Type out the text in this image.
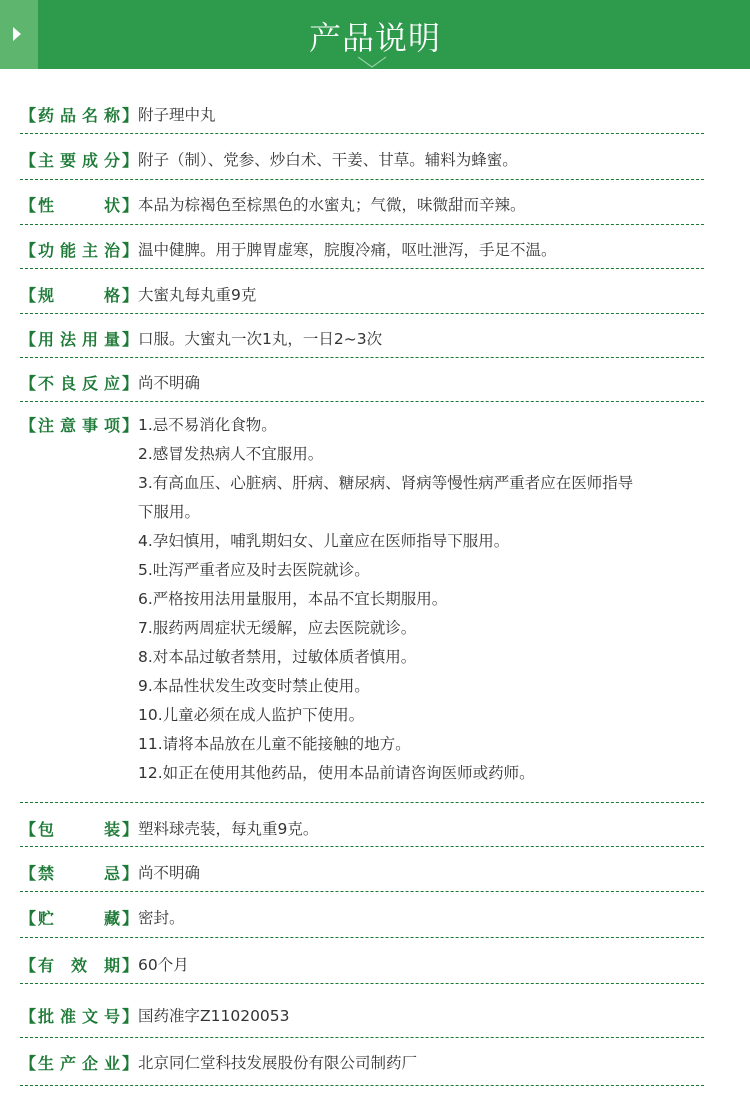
产品说明
【 药 品 名 称 】 附子理中丸
【 主 要 成 分 】 附子（制）、党参、炒白术、干姜、甘草。辅料为蜂蜜。
【 性	状 】 本品为棕褐色至棕黑色的水蜜丸；气微，味微甜而辛辣。
【 功 能 主 治 】 温中健脾。用于脾胃虚寒，脘腹冷痛，呕吐泄泻，手足不温。
【 规	格 】 大蜜丸每丸重9克
【 用 法 用 量 】 口服。大蜜丸一次1丸，一日2~3次
【 不 良 反 应 】 尚不明确
【 注 意 事 项 】 1.忌不易消化食物。
2.感冒发热病人不宜服用。
3.有高血压、心脏病、肝病、糖尿病、肾病等慢性病严重者应在医师指导
下服用。
4.孕妇慎用，哺乳期妇女、儿童应在医师指导下服用。
5.吐泻严重者应及时去医院就诊。
6.严格按用法用量服用，本品不宜长期服用。
7.服药两周症状无缓解，应去医院就诊。
8.对本品过敏者禁用，过敏体质者慎用。
9.本品性状发生改变时禁止使用。
10.儿童必须在成人监护下使用。
11.请将本品放在儿童不能接触的地方。
12.如正在使用其他药品，使用本品前请咨询医师或药师。
【 包	装 】 塑料球壳装，每丸重9克。
【 禁	忌 】 尚不明确
【 贮	藏 】 密封。
【 有 效 期 】 60个月
【 批 准 文 号 】 国药准字Z11020053
【 生 产 企 业 】 北京同仁堂科技发展股份有限公司制药厂
